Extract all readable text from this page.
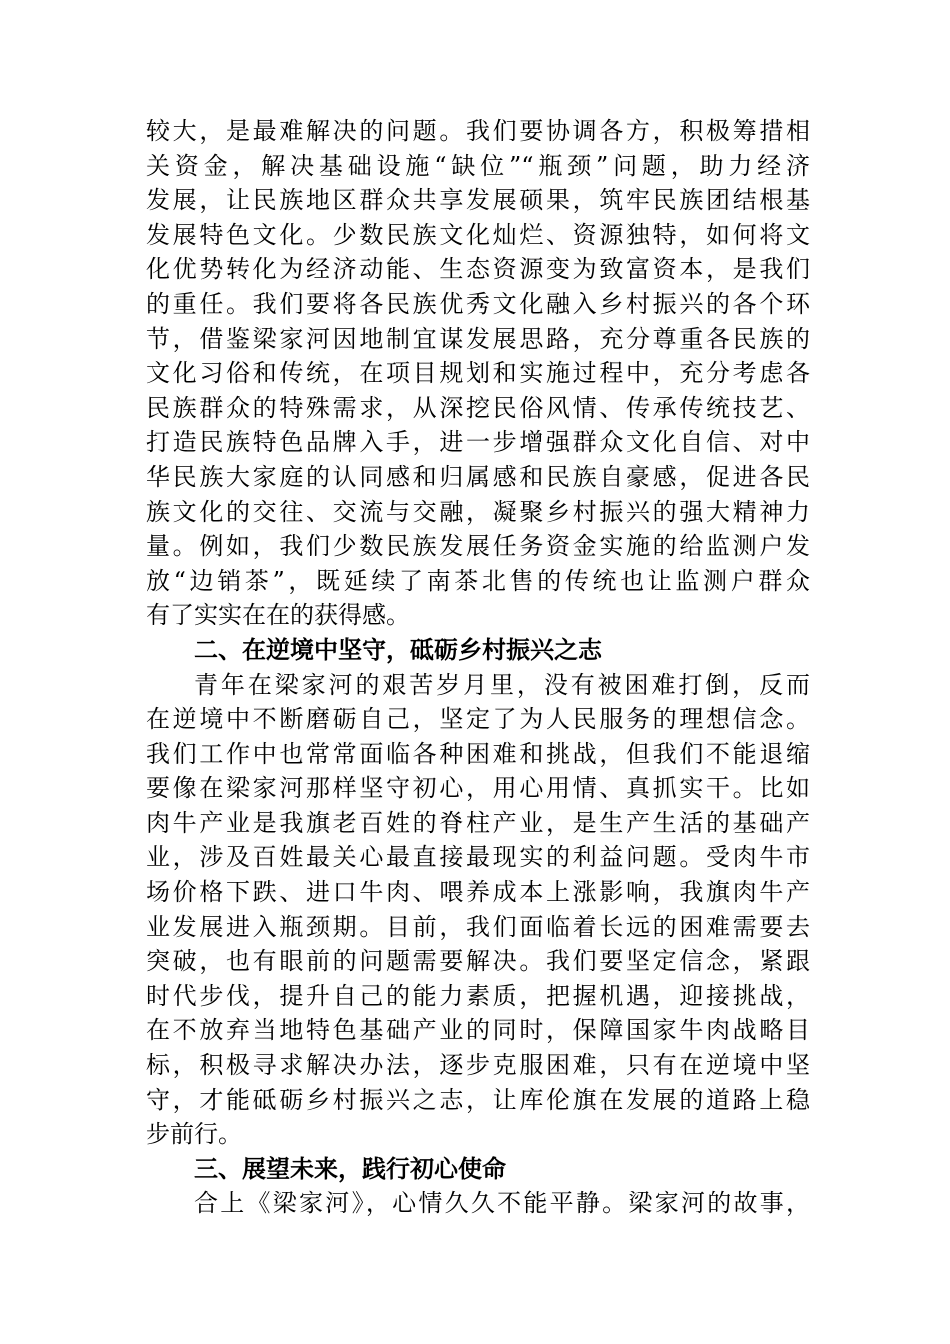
较大，是最难解决的问题。我们要协调各方，积极筹措相
关资金，解决基础设施“缺位”“瓶颈”问题，助力经济
发展，让民族地区群众共享发展硕果，筑牢民族团结根基
发展特色文化。少数民族文化灿烂、资源独特，如何将文
化优势转化为经济动能、生态资源变为致富资本，是我们
的重任。我们要将各民族优秀文化融入乡村振兴的各个环
节，借鉴梁家河因地制宜谋发展思路，充分尊重各民族的
文化习俗和传统，在项目规划和实施过程中，充分考虑各
民族群众的特殊需求，从深挖民俗风情、传承传统技艺、
打造民族特色品牌入手，进一步增强群众文化自信、对中
华民族大家庭的认同感和归属感和民族自豪感，促进各民
族文化的交往、交流与交融，凝聚乡村振兴的强大精神力
量。例如，我们少数民族发展任务资金实施的给监测户发
放“边销茶”，既延续了南茶北售的传统也让监测户群众
有了实实在在的获得感。
二、在逆境中坚守，砥砺乡村振兴之志
青年在梁家河的艰苦岁月里，没有被困难打倒，反而
在逆境中不断磨砺自己，坚定了为人民服务的理想信念。
我们工作中也常常面临各种困难和挑战，但我们不能退缩
要像在梁家河那样坚守初心，用心用情、真抓实干。比如
肉牛产业是我旗老百姓的脊柱产业，是生产生活的基础产
业，涉及百姓最关心最直接最现实的利益问题。受肉牛市
场价格下跌、进口牛肉、喂养成本上涨影响，我旗肉牛产
业发展进入瓶颈期。目前，我们面临着长远的困难需要去
突破，也有眼前的问题需要解决。我们要坚定信念，紧跟
时代步伐，提升自己的能力素质，把握机遇，迎接挑战，
在不放弃当地特色基础产业的同时，保障国家牛肉战略目
标，积极寻求解决办法，逐步克服困难，只有在逆境中坚
守，才能砥砺乡村振兴之志，让库伦旗在发展的道路上稳
步前行。
三、展望未来，践行初心使命
合上《梁家河》，心情久久不能平静。梁家河的故事，
